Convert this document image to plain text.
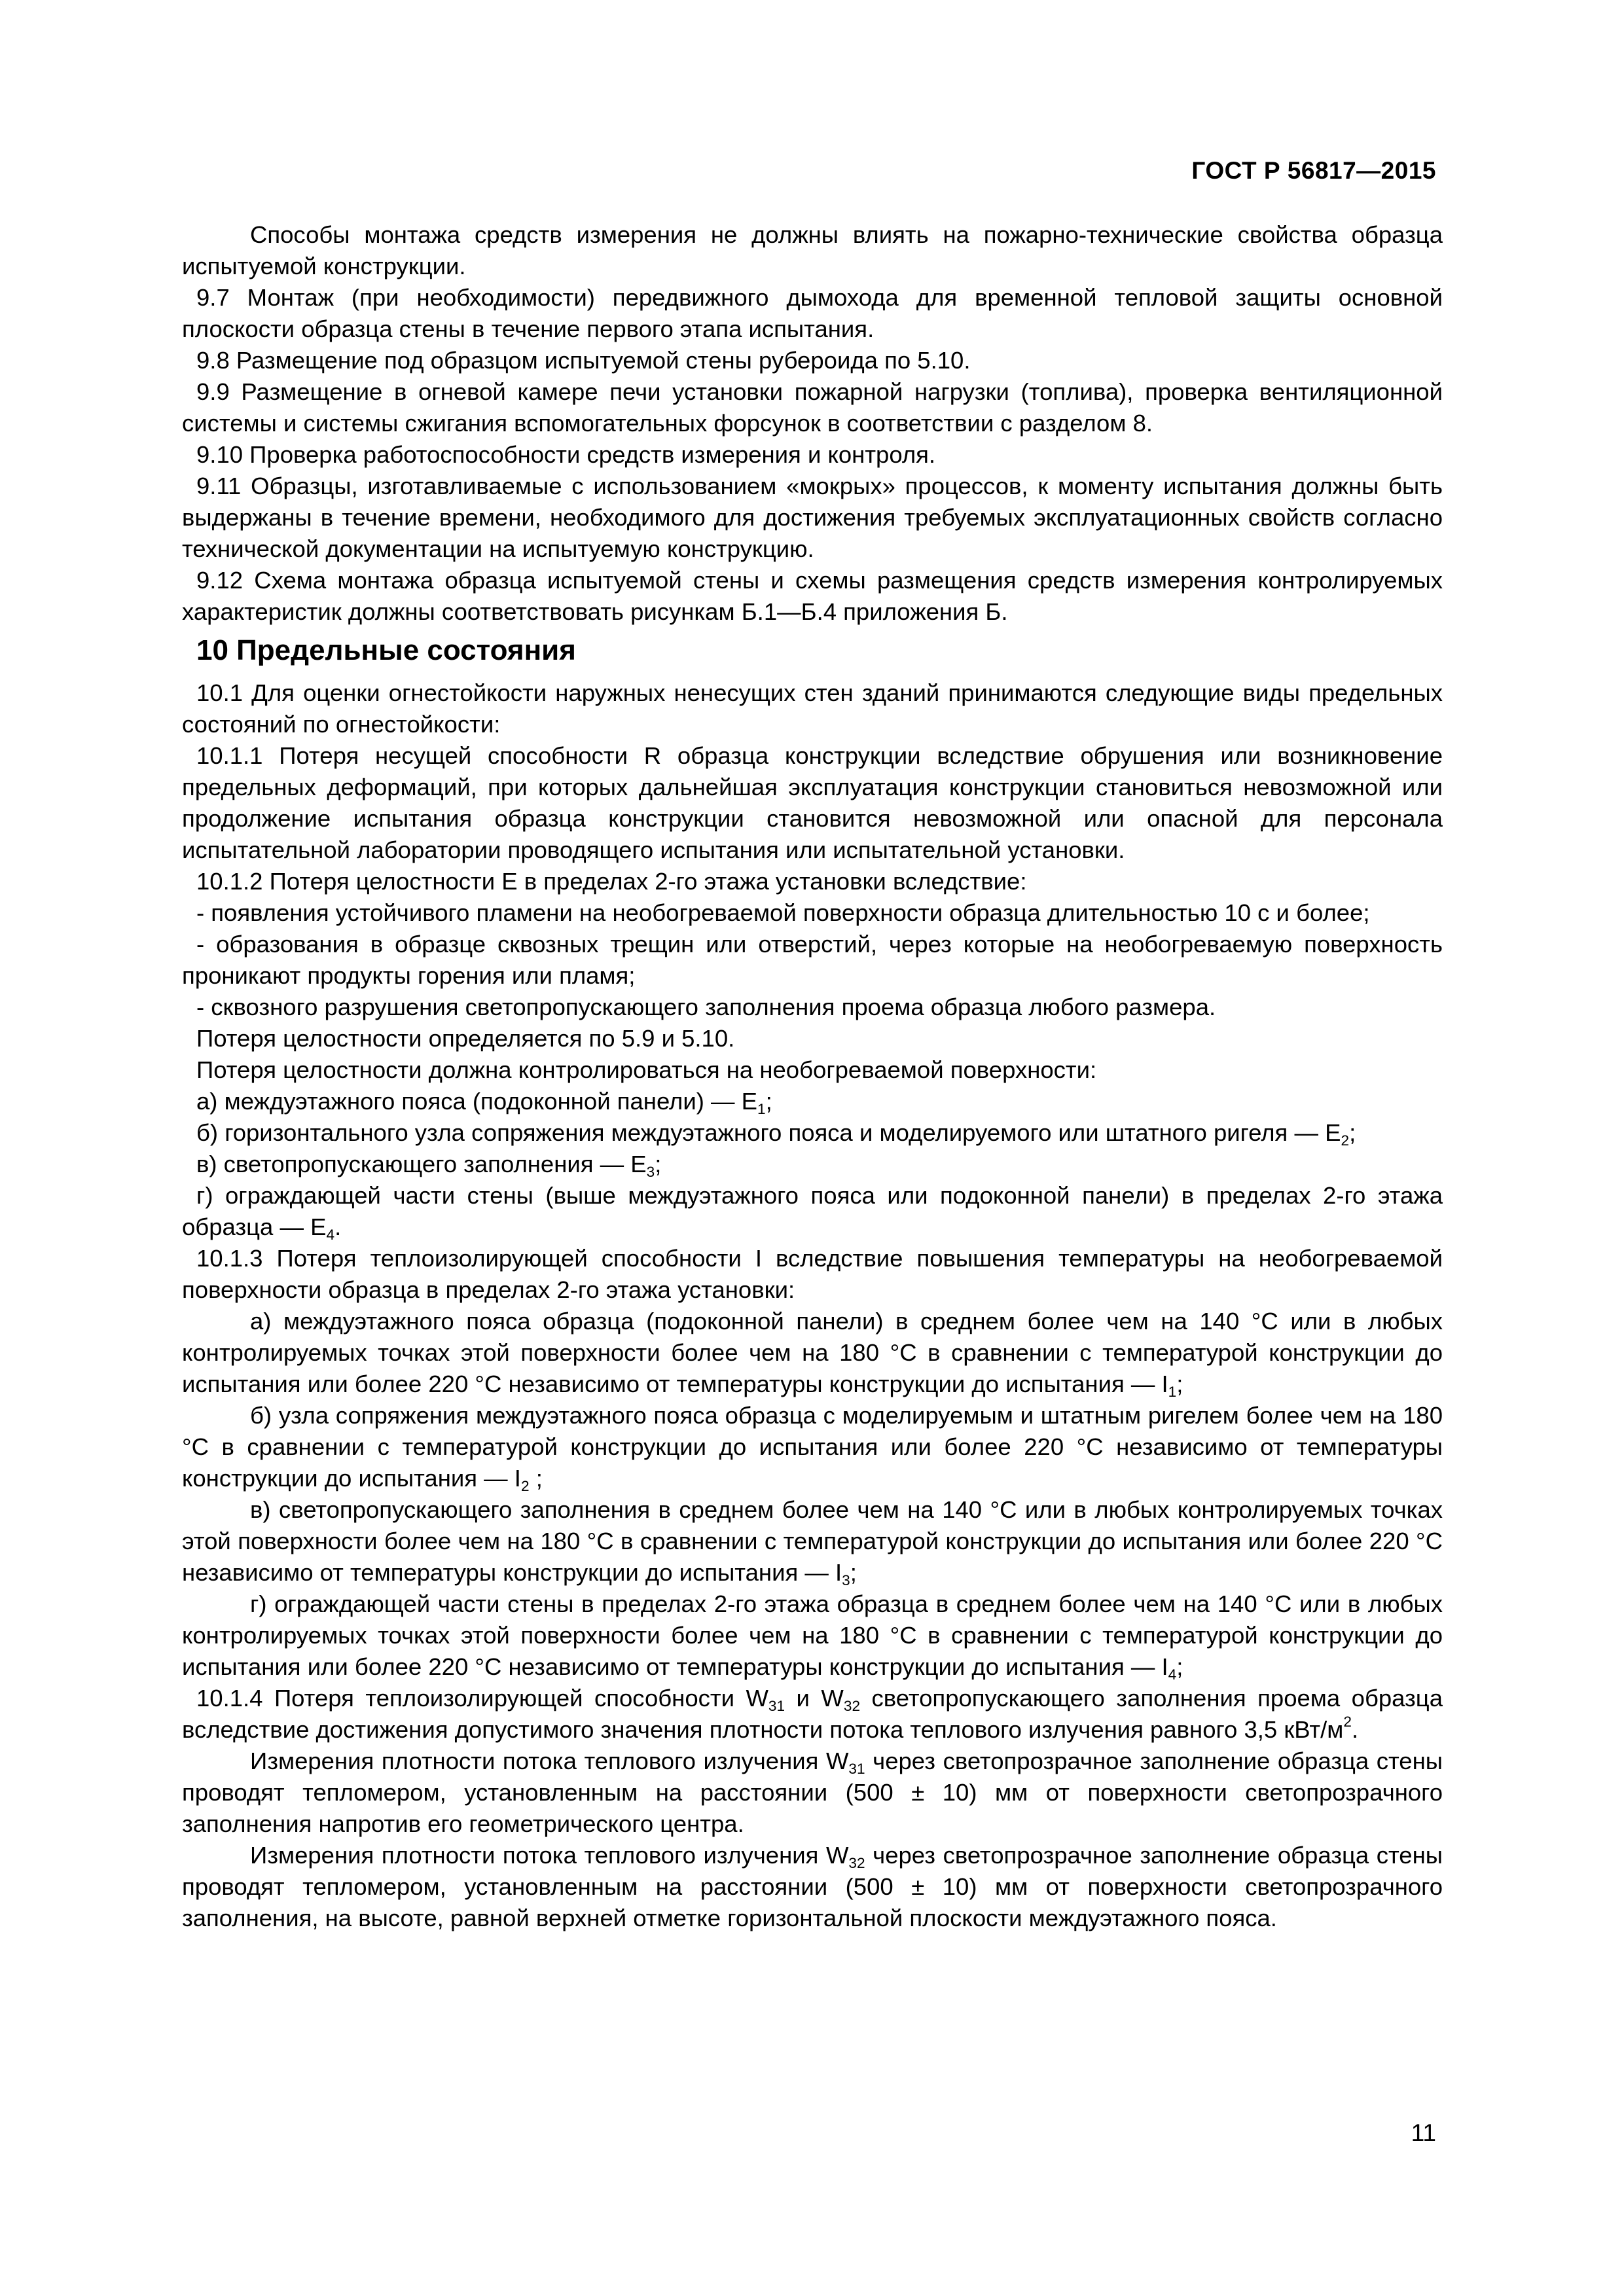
ГОСТ Р 56817—2015

Способы монтажа средств измерения не должны влиять на пожарно-технические свойства образца испытуемой конструкции.

9.7 Монтаж (при необходимости) передвижного дымохода для временной тепловой защиты основной плоскости образца стены в течение первого этапа испытания.

9.8 Размещение под образцом испытуемой стены рубероида по 5.10.

9.9 Размещение в огневой камере печи установки пожарной нагрузки (топлива), проверка вентиляционной системы и системы сжигания вспомогательных форсунок в соответствии с разделом 8.

9.10 Проверка работоспособности средств измерения и контроля.

9.11 Образцы, изготавливаемые с использованием «мокрых» процессов, к моменту испытания должны быть выдержаны в течение времени, необходимого для достижения требуемых эксплуатационных свойств согласно технической документации на испытуемую конструкцию.

9.12 Схема монтажа образца испытуемой стены и схемы размещения средств измерения контролируемых характеристик должны соответствовать рисункам Б.1—Б.4 приложения Б.

10 Предельные состояния

10.1 Для оценки огнестойкости наружных ненесущих стен зданий принимаются следующие виды предельных состояний по огнестойкости:

10.1.1 Потеря несущей способности R образца конструкции вследствие обрушения или возникновение предельных деформаций, при которых дальнейшая эксплуатация конструкции становиться невозможной или продолжение испытания образца конструкции становится невозможной или опасной для персонала испытательной лаборатории проводящего испытания или испытательной установки.

10.1.2 Потеря целостности Е в пределах 2-го этажа установки вследствие:

- появления устойчивого пламени на необогреваемой поверхности образца длительностью 10 с и более;

- образования в образце сквозных трещин или отверстий, через которые на необогреваемую поверхность проникают продукты горения или пламя;

- сквозного разрушения светопропускающего заполнения проема образца любого размера.

Потеря целостности определяется по 5.9 и 5.10.

Потеря целостности должна контролироваться на необогреваемой поверхности:

а) междуэтажного пояса (подоконной панели) — $Е_1$;

б) горизонтального узла сопряжения междуэтажного пояса и моделируемого или штатного ригеля — $Е_2$;

в) светопропускающего заполнения — $Е_3$;

г) ограждающей части стены (выше междуэтажного пояса или подоконной панели) в пределах 2-го этажа образца — $Е_4$.

10.1.3 Потеря теплоизолирующей способности I вследствие повышения температуры на необогреваемой поверхности образца в пределах 2-го этажа установки:

а) междуэтажного пояса образца (подоконной панели) в среднем более чем на 140 °С или в любых контролируемых точках этой поверхности более чем на 180 °С в сравнении с температурой конструкции до испытания или более 220 °С независимо от температуры конструкции до испытания — $I_1$;

б) узла сопряжения междуэтажного пояса образца с моделируемым и штатным ригелем более чем на 180 °С в сравнении с температурой конструкции до испытания или более 220 °С независимо от температуры конструкции до испытания — $I_2$ ;

в) светопропускающего заполнения в среднем более чем на 140 °С или в любых контролируемых точках этой поверхности более чем на 180 °С в сравнении с температурой конструкции до испытания или более 220 °С независимо от температуры конструкции до испытания — $I_3$;

г) ограждающей части стены в пределах 2-го этажа образца в среднем более чем на 140 °С или в любых контролируемых точках этой поверхности более чем на 180 °С в сравнении с температурой конструкции до испытания или более 220 °С независимо от температуры конструкции до испытания — $I_4$;

10.1.4 Потеря теплоизолирующей способности $W_{31}$ и $W_{32}$ светопропускающего заполнения проема образца вследствие достижения допустимого значения плотности потока теплового излучения равного 3,5 кВт/$м^2$.

Измерения плотности потока теплового излучения $W_{31}$ через светопрозрачное заполнение образца стены проводят тепломером, установленным на расстоянии (500 ± 10) мм от поверхности светопрозрачного заполнения напротив его геометрического центра.

Измерения плотности потока теплового излучения $W_{32}$ через светопрозрачное заполнение образца стены проводят тепломером, установленным на расстоянии (500 ± 10) мм от поверхности светопрозрачного заполнения, на высоте, равной верхней отметке горизонтальной плоскости междуэтажного пояса.

11
